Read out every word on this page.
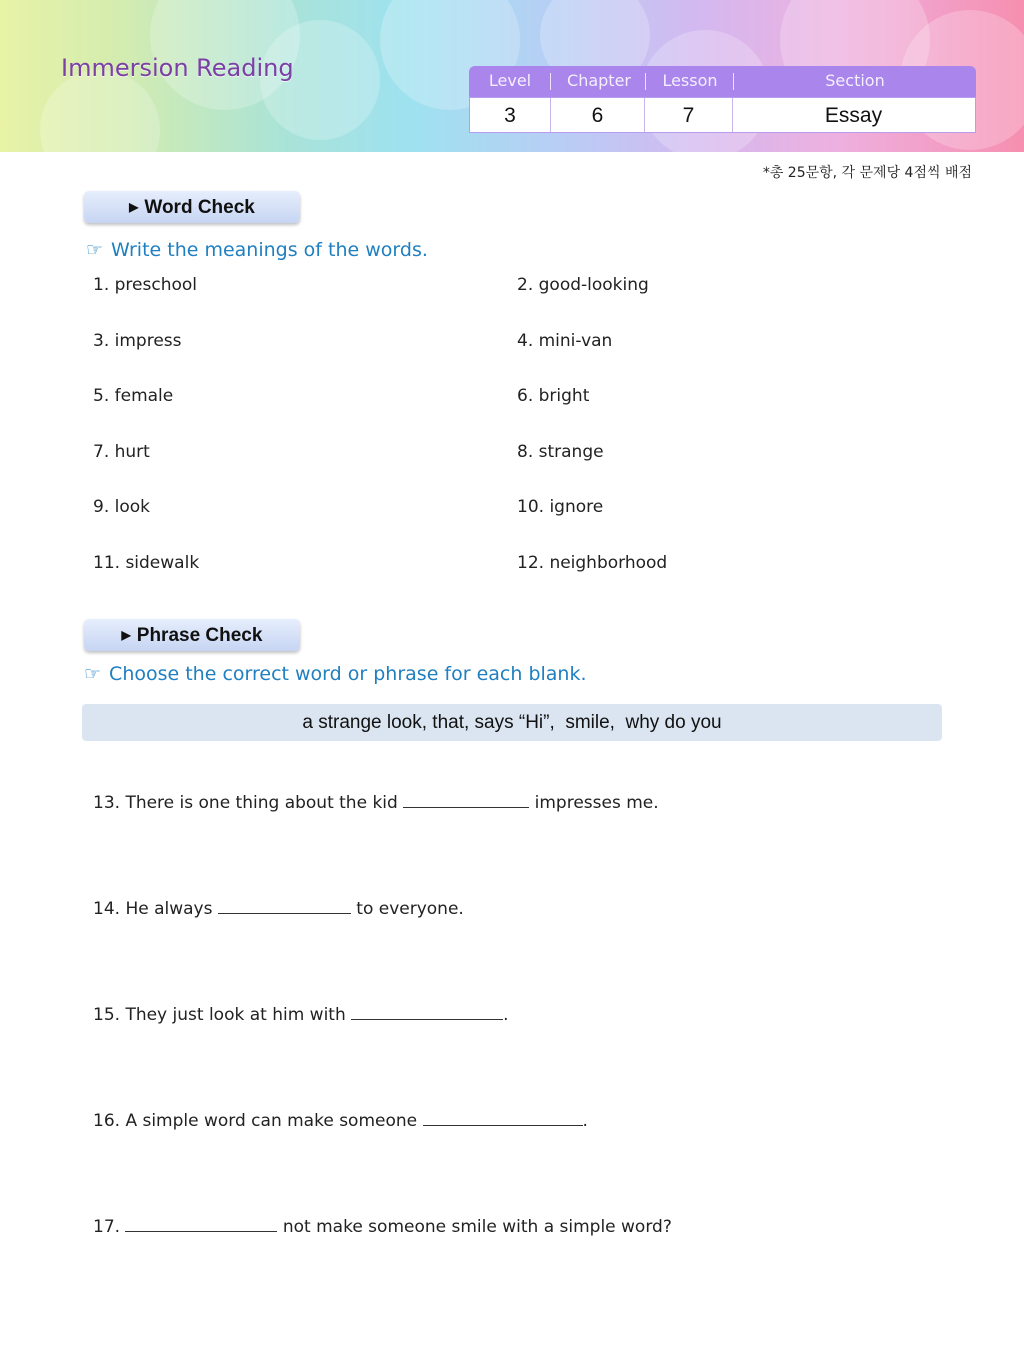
Immersion Reading	Level	Chapter	Lesson	Section
3	6	7	Essay
*총 25문항, 각 문제당 4점씩 배점
▶ Word Check
☞ Write the meanings of the words.
1. preschool	2. good-looking
3. impress	4. mini-van
5. female	6. bright
7. hurt	8. strange
9. look	10. ignore
11. sidewalk	12. neighborhood
▶ Phrase Check
☞ Choose the correct word or phrase for each blank.
a strange look, that, says “Hi”,  smile,  why do you
13. There is one thing about the kid	impresses me.
14. He always	to everyone.
15. They just look at him with	.
16. A simple word can make someone	.
17.	not make someone smile with a simple word?
